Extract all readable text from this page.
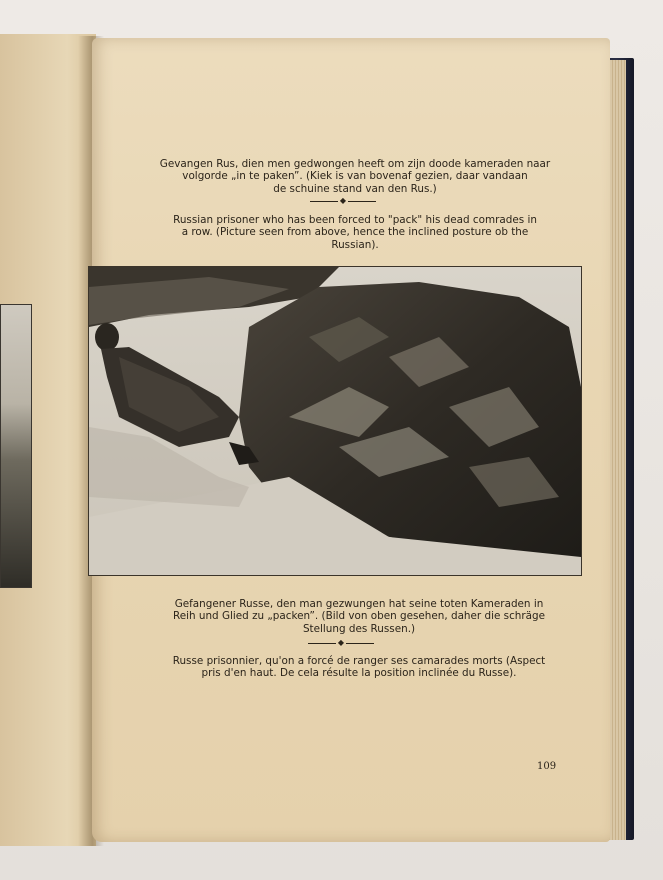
Gevangen Rus, dien men gedwongen heeft om zijn doode kameraden naar
volgorde „in te paken”. (Kiek is van bovenaf gezien, daar vandaan
de schuine stand van den Rus.)
◆
Russian prisoner who has been forced to "pack" his dead comrades in
a row. (Picture seen from above, hence the inclined posture ob the
Russian).
Gefangener Russe, den man gezwungen hat seine toten Kameraden in
Reih und Glied zu „packen”. (Bild von oben gesehen, daher die schräge
Stellung des Russen.)
◆
Russe prisonnier, qu'on a forcé de ranger ses camarades morts (Aspect
pris d'en haut. De cela résulte la position inclinée du Russe).
109
